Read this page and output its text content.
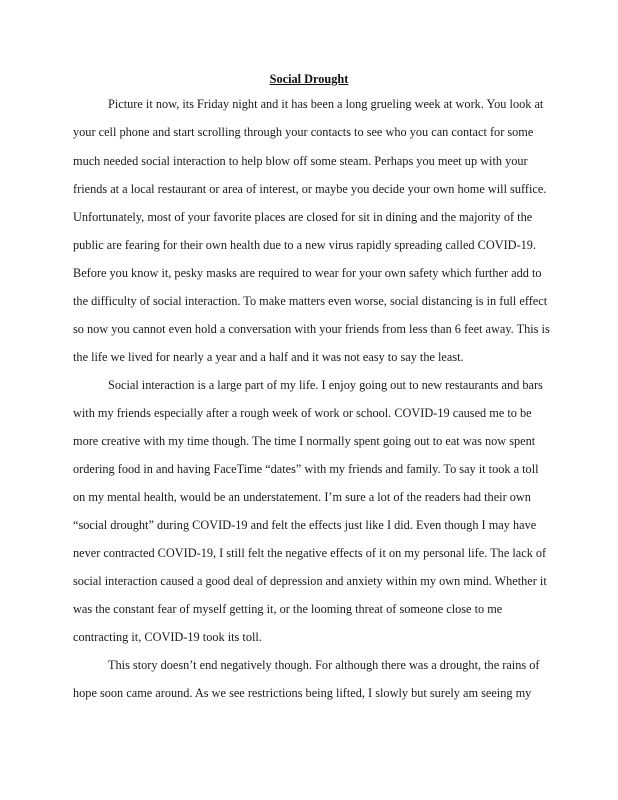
Social Drought

Picture it now, its Friday night and it has been a long grueling week at work. You look at

your cell phone and start scrolling through your contacts to see who you can contact for some

much needed social interaction to help blow off some steam. Perhaps you meet up with your

friends at a local restaurant or area of interest, or maybe you decide your own home will suffice.

Unfortunately, most of your favorite places are closed for sit in dining and the majority of the

public are fearing for their own health due to a new virus rapidly spreading called COVID-19.

Before you know it, pesky masks are required to wear for your own safety which further add to

the difficulty of social interaction. To make matters even worse, social distancing is in full effect

so now you cannot even hold a conversation with your friends from less than 6 feet away. This is

the life we lived for nearly a year and a half and it was not easy to say the least.

Social interaction is a large part of my life. I enjoy going out to new restaurants and bars

with my friends especially after a rough week of work or school. COVID-19 caused me to be

more creative with my time though. The time I normally spent going out to eat was now spent

ordering food in and having FaceTime “dates” with my friends and family. To say it took a toll

on my mental health, would be an understatement. I’m sure a lot of the readers had their own

“social drought” during COVID-19 and felt the effects just like I did. Even though I may have

never contracted COVID-19, I still felt the negative effects of it on my personal life. The lack of

social interaction caused a good deal of depression and anxiety within my own mind. Whether it

was the constant fear of myself getting it, or the looming threat of someone close to me

contracting it, COVID-19 took its toll.

This story doesn’t end negatively though. For although there was a drought, the rains of

hope soon came around. As we see restrictions being lifted, I slowly but surely am seeing my
